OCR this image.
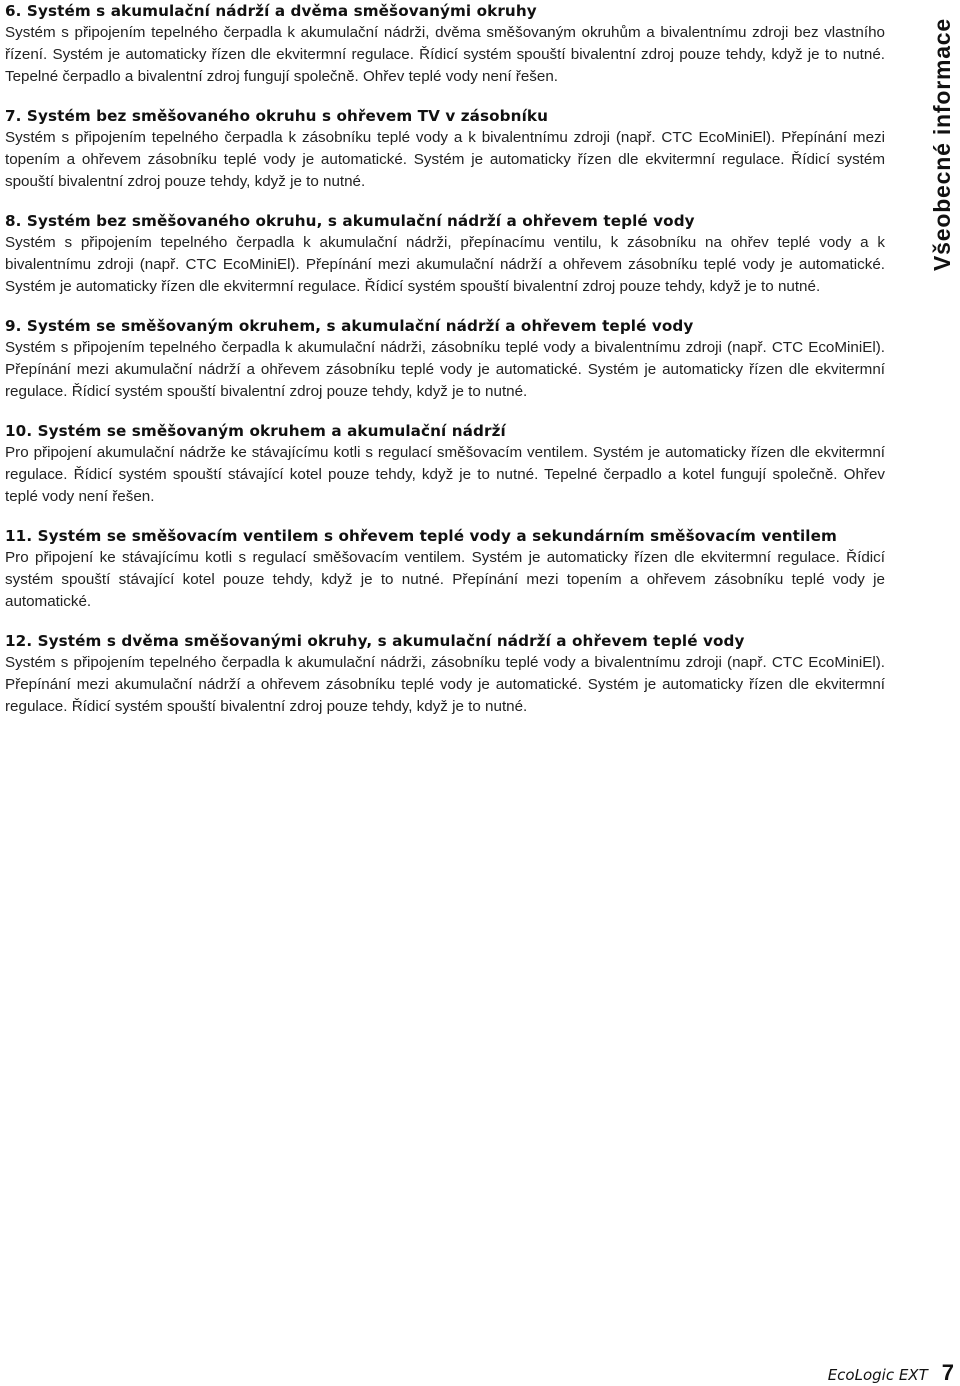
6. Systém s akumulační nádrží a dvěma směšovanými okruhy

Systém s připojením tepelného čerpadla k akumulační nádrži, dvěma směšovaným okruhům a bivalentnímu zdroji bez vlastního řízení. Systém je automaticky řízen dle ekvitermní regulace. Řídicí systém spouští bivalentní zdroj pouze tehdy, když je to nutné. Tepelné čerpadlo a bivalentní zdroj fungují společně. Ohřev teplé vody není řešen.

7. Systém bez směšovaného okruhu s ohřevem TV v zásobníku

Systém s připojením tepelného čerpadla k zásobníku teplé vody a k bivalentnímu zdroji (např. CTC EcoMiniEl). Přepínání mezi topením a ohřevem zásobníku teplé vody je automatické. Systém je automaticky řízen dle ekvitermní regulace. Řídicí systém spouští bivalentní zdroj pouze tehdy, když je to nutné.

8. Systém bez směšovaného okruhu, s akumulační nádrží a ohřevem teplé vody

Systém s připojením tepelného čerpadla k akumulační nádrži, přepínacímu ventilu, k zásobníku na ohřev teplé vody a k bivalentnímu zdroji (např. CTC EcoMiniEl). Přepínání mezi akumulační nádrží a ohřevem zásobníku teplé vody je automatické. Systém je automaticky řízen dle ekvitermní regulace. Řídicí systém spouští bivalentní zdroj pouze tehdy, když je to nutné.

9. Systém se směšovaným okruhem, s akumulační nádrží a ohřevem teplé vody

Systém s připojením tepelného čerpadla k akumulační nádrži, zásobníku teplé vody a bivalentnímu zdroji (např. CTC EcoMiniEl). Přepínání mezi akumulační nádrží a ohřevem zásobníku teplé vody je automatické. Systém je automaticky řízen dle ekvitermní regulace. Řídicí systém spouští bivalentní zdroj pouze tehdy, když je to nutné.

10. Systém se směšovaným okruhem a akumulační nádrží

Pro připojení akumulační nádrže ke stávajícímu kotli s regulací směšovacím ventilem. Systém je automaticky řízen dle ekvitermní regulace. Řídicí systém spouští stávající kotel pouze tehdy, když je to nutné. Tepelné čerpadlo a kotel fungují společně. Ohřev teplé vody není řešen.

11. Systém se směšovacím ventilem s ohřevem teplé vody a sekundárním směšovacím ventilem

Pro připojení ke stávajícímu kotli s regulací směšovacím ventilem. Systém je automaticky řízen dle ekvitermní regulace. Řídicí systém spouští stávající kotel pouze tehdy, když je to nutné. Přepínání mezi topením a ohřevem zásobníku teplé vody je automatické.

12. Systém s dvěma směšovanými okruhy, s akumulační nádrží a ohřevem teplé vody

Systém s připojením tepelného čerpadla k akumulační nádrži, zásobníku teplé vody a bivalentnímu zdroji (např. CTC EcoMiniEl). Přepínání mezi akumulační nádrží a ohřevem zásobníku teplé vody je automatické. Systém je automaticky řízen dle ekvitermní regulace. Řídicí systém spouští bivalentní zdroj pouze tehdy, když je to nutné.

Všeobecné informace
EcoLogic EXT 7
